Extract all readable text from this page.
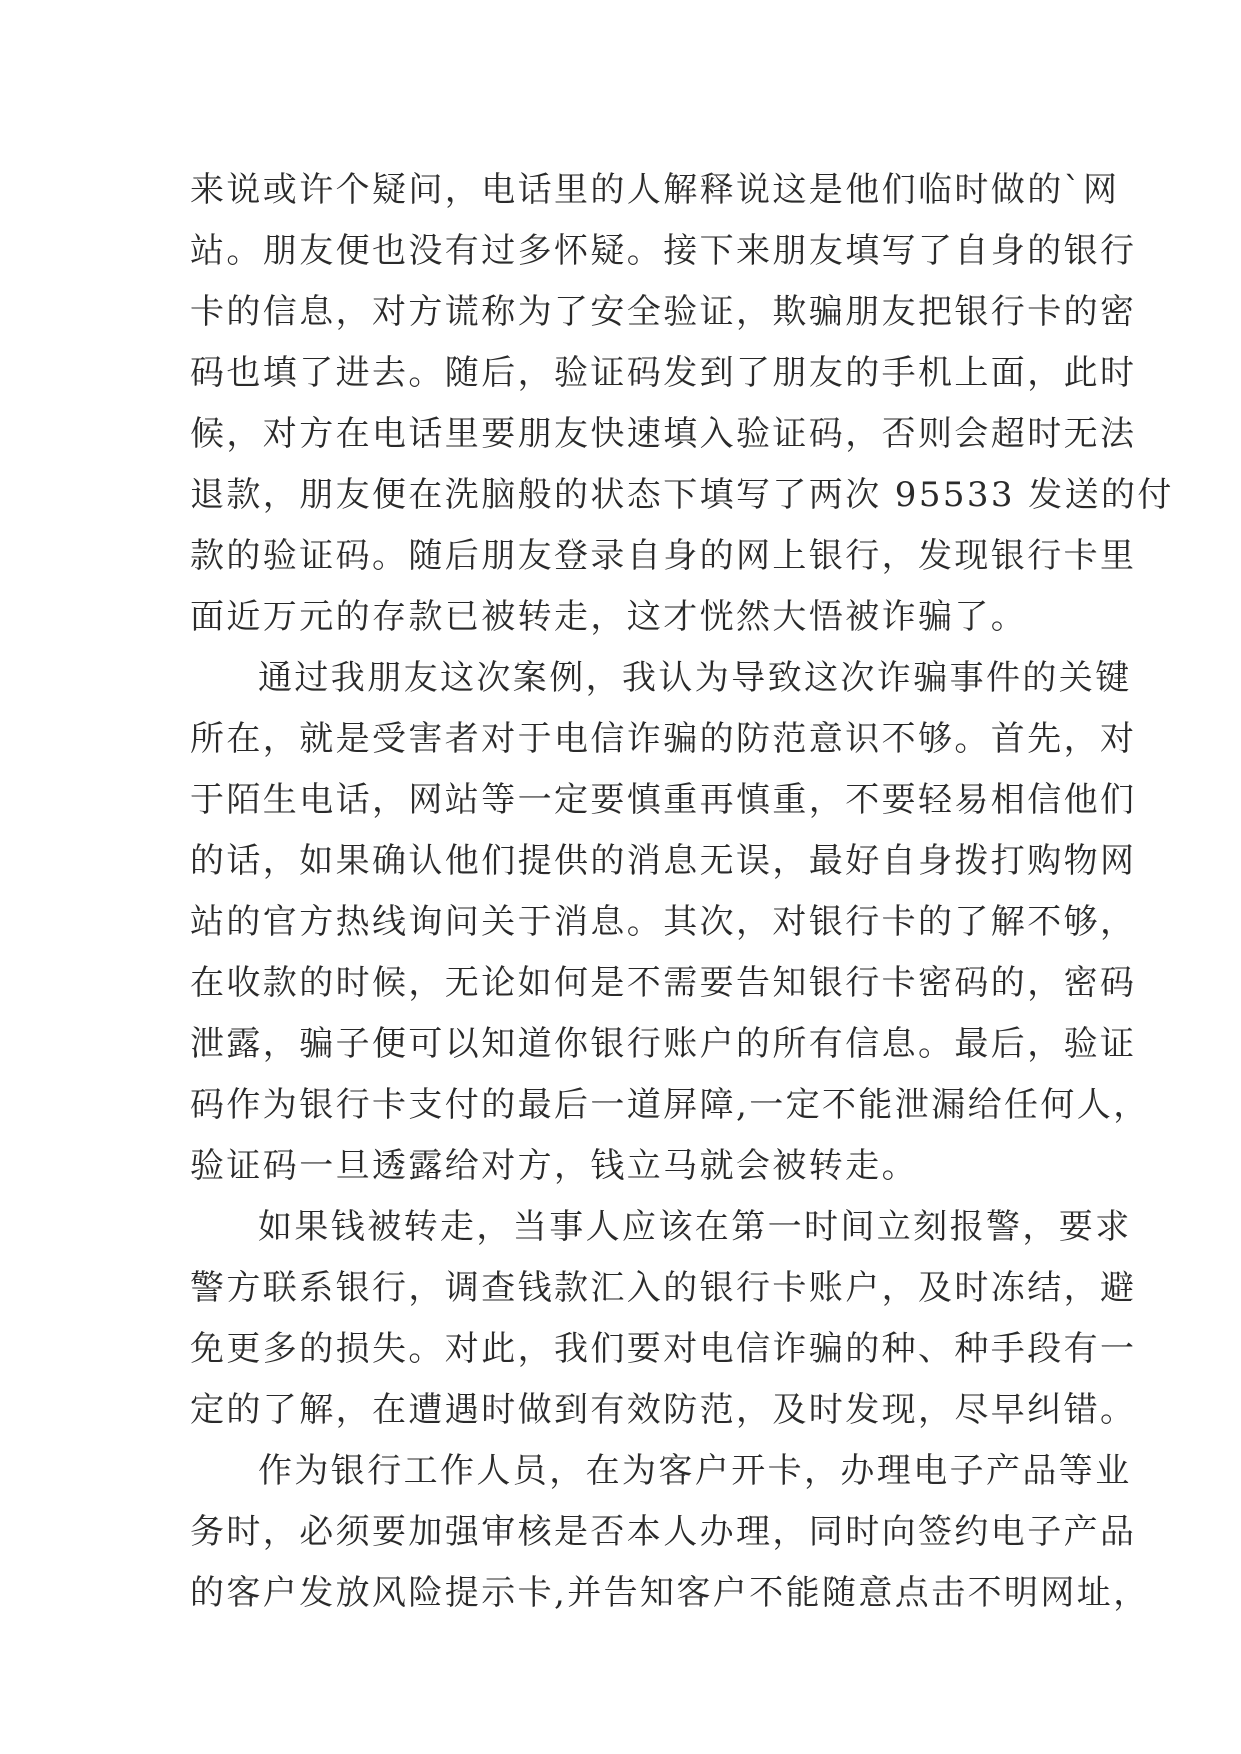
来说或许个疑问，电话里的人解释说这是他们临时做的`网
站。朋友便也没有过多怀疑。接下来朋友填写了自身的银行
卡的信息，对方谎称为了安全验证，欺骗朋友把银行卡的密
码也填了进去。随后，验证码发到了朋友的手机上面，此时
候，对方在电话里要朋友快速填入验证码，否则会超时无法
退款，朋友便在洗脑般的状态下填写了两次 95533 发送的付
款的验证码。随后朋友登录自身的网上银行，发现银行卡里
面近万元的存款已被转走，这才恍然大悟被诈骗了。
通过我朋友这次案例，我认为导致这次诈骗事件的关键
所在，就是受害者对于电信诈骗的防范意识不够。首先，对
于陌生电话，网站等一定要慎重再慎重，不要轻易相信他们
的话，如果确认他们提供的消息无误，最好自身拨打购物网
站的官方热线询问关于消息。其次，对银行卡的了解不够，
在收款的时候，无论如何是不需要告知银行卡密码的，密码
泄露，骗子便可以知道你银行账户的所有信息。最后，验证
码作为银行卡支付的最后一道屏障,一定不能泄漏给任何人，
验证码一旦透露给对方，钱立马就会被转走。
如果钱被转走，当事人应该在第一时间立刻报警，要求
警方联系银行，调查钱款汇入的银行卡账户，及时冻结，避
免更多的损失。对此，我们要对电信诈骗的种、种手段有一
定的了解，在遭遇时做到有效防范，及时发现，尽早纠错。
作为银行工作人员，在为客户开卡，办理电子产品等业
务时，必须要加强审核是否本人办理，同时向签约电子产品
的客户发放风险提示卡,并告知客户不能随意点击不明网址，
